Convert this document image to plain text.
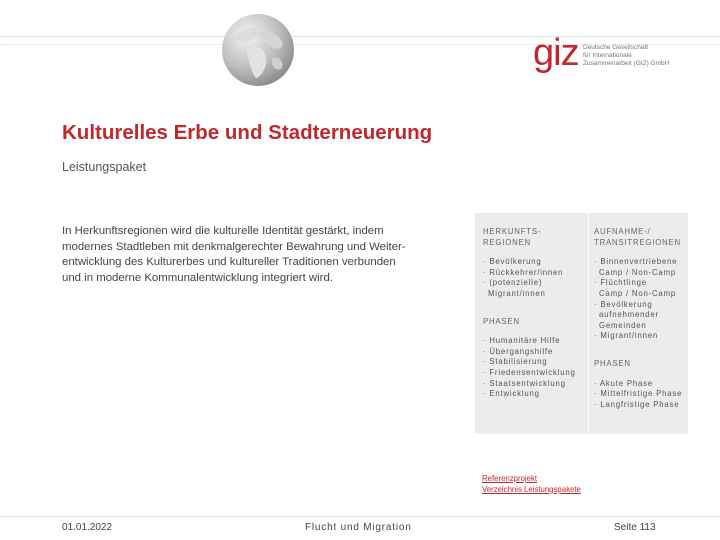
giz Deutsche Gesellschaft
für Internationale
Zusammenarbeit (GIZ) GmbH
Kulturelles Erbe und Stadterneuerung
Leistungspaket
In Herkunftsregionen wird die kulturelle Identität gestärkt, indem
modernes Stadtleben mit denkmalgerechter Bewahrung und Weiter-
entwicklung des Kulturerbes und kultureller Traditionen verbunden
und in moderne Kommunalentwicklung integriert wird.
HERKUNFTS-
REGIONEN
· Bevölkerung
· Rückkehrer/innen
· (potenzielle)
Migrant/innen
PHASEN
· Humanitäre Hilfe
· Übergangshilfe
· Stabilisierung
· Friedensentwicklung
· Staatsentwicklung
· Entwicklung
AUFNAHME-/
TRANSITREGIONEN
· Binnenvertriebene
Camp / Non-Camp
· Flüchtlinge
Camp / Non-Camp
· Bevölkerung
aufnehmender
Gemeinden
· Migrant/innen
PHASEN
· Akute Phase
· Mittelfristige Phase
· Langfristige Phase
Referenzprojekt
Verzeichnis Leistungspakete
01.01.2022	Flucht und Migration	Seite 113
